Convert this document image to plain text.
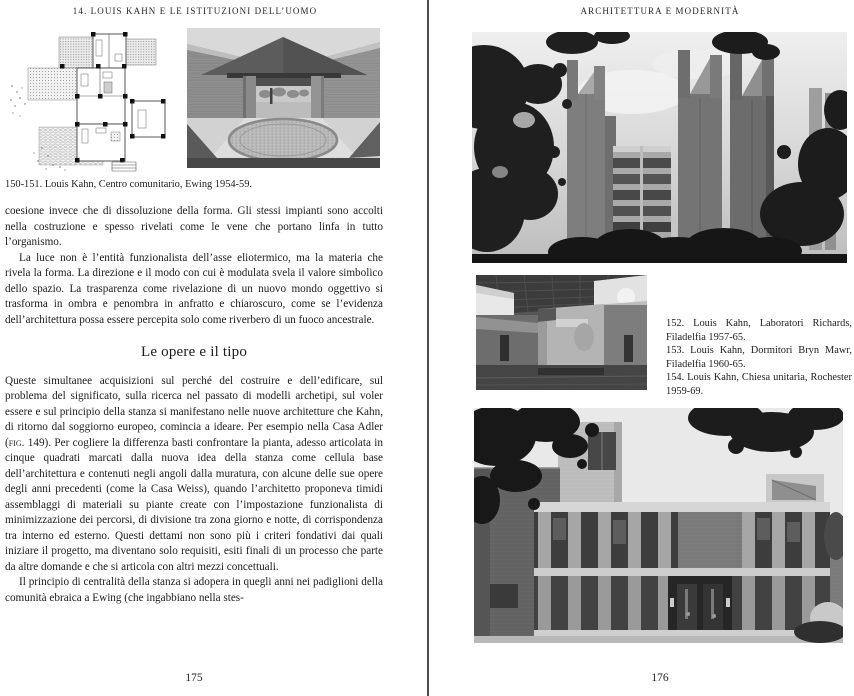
14. LOUIS KAHN E LE ISTITUZIONI DELL’UOMO
150-151. Louis Kahn, Centro comunitario, Ewing 1954-59.

coesione invece che di dissoluzione della forma. Gli stessi impianti sono accolti nella costruzione e spesso rivelati come le vene che portano linfa in tutto l’organismo.

La luce non è l’entità funzionalista dell’asse eliotermico, ma la materia che rivela la forma. La direzione e il modo con cui è modulata svela il valore simbolico dello spazio. La trasparenza come rivelazione di un nuovo mondo oggettivo si trasforma in ombra e penombra in anfratto e chiaroscuro, come se l’evidenza dell’architettura possa essere percepita solo come riverbero di un fuoco ancestrale.

Le opere e il tipo

Queste simultanee acquisizioni sul perché del costruire e dell’edificare, sul problema del significato, sulla ricerca nel passato di modelli archetipi, sul voler essere e sul principio della stanza si manifestano nelle nuove architetture che Kahn, di ritorno dal soggiorno europeo, comincia a ideare. Per esempio nella Casa Adler (fig. 149). Per cogliere la differenza basti confrontare la pianta, adesso articolata in cinque quadrati marcati dalla nuova idea della stanza come cellula base dell’architettura e contenuti negli angoli dalla muratura, con alcune delle sue opere degli anni precedenti (come la Casa Weiss), quando l’architetto proponeva timidi assemblaggi di materiali su piante create con l’impostazione funzionalista di minimizzazione dei percorsi, di divisione tra zona giorno e notte, di corrispondenza tra interno ed esterno. Questi dettami non sono più i criteri fondativi dai quali iniziare il progetto, ma diventano solo requisiti, esiti finali di un processo che parte da altre domande e che si articola con altri mezzi concettuali.

Il principio di centralità della stanza si adopera in quegli anni nei padiglioni della comunità ebraica a Ewing (che ingabbiano nella stes-

175
ARCHITETTURA E MODERNITÀ

152. Louis Kahn, Laboratori Richards, Filadelfia 1957-65.

153. Louis Kahn, Dormitori Bryn Mawr, Filadelfia 1960-65.

154. Louis Kahn, Chiesa unitaria, Rochester 1959-69.

176
